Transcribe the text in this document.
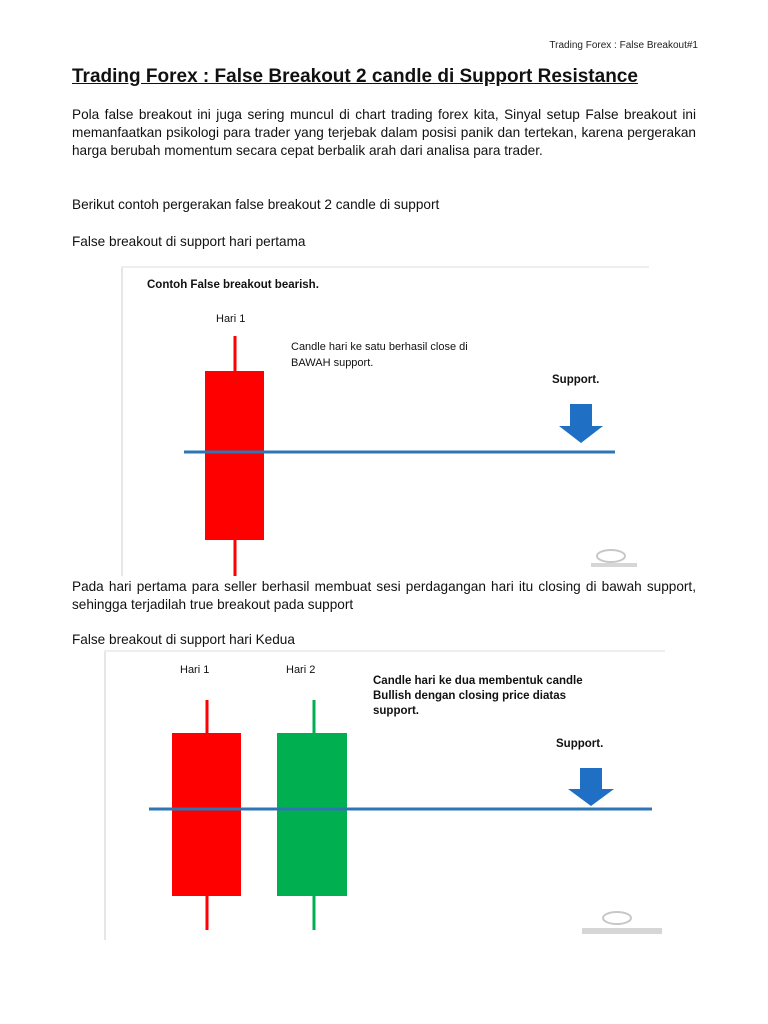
Trading Forex : False Breakout#1
Trading Forex : False Breakout 2 candle di Support Resistance

Pola false breakout ini juga sering muncul di chart trading forex kita, Sinyal setup False breakout ini memanfaatkan psikologi para trader yang terjebak dalam posisi panik dan tertekan, karena pergerakan harga berubah momentum secara cepat berbalik arah dari analisa para trader.

Berikut contoh pergerakan false breakout 2 candle di support

False breakout di support hari pertama

Contoh False breakout bearish.
Hari 1
Candle hari ke satu berhasil close di
BAWAH support.
Support.

Pada hari pertama para seller berhasil membuat sesi perdagangan hari itu closing di bawah support, sehingga terjadilah true breakout pada support

False breakout di support hari Kedua

Hari 1	Hari 2
Candle hari ke dua membentuk candle
Bullish dengan closing price diatas
support.
Support.
